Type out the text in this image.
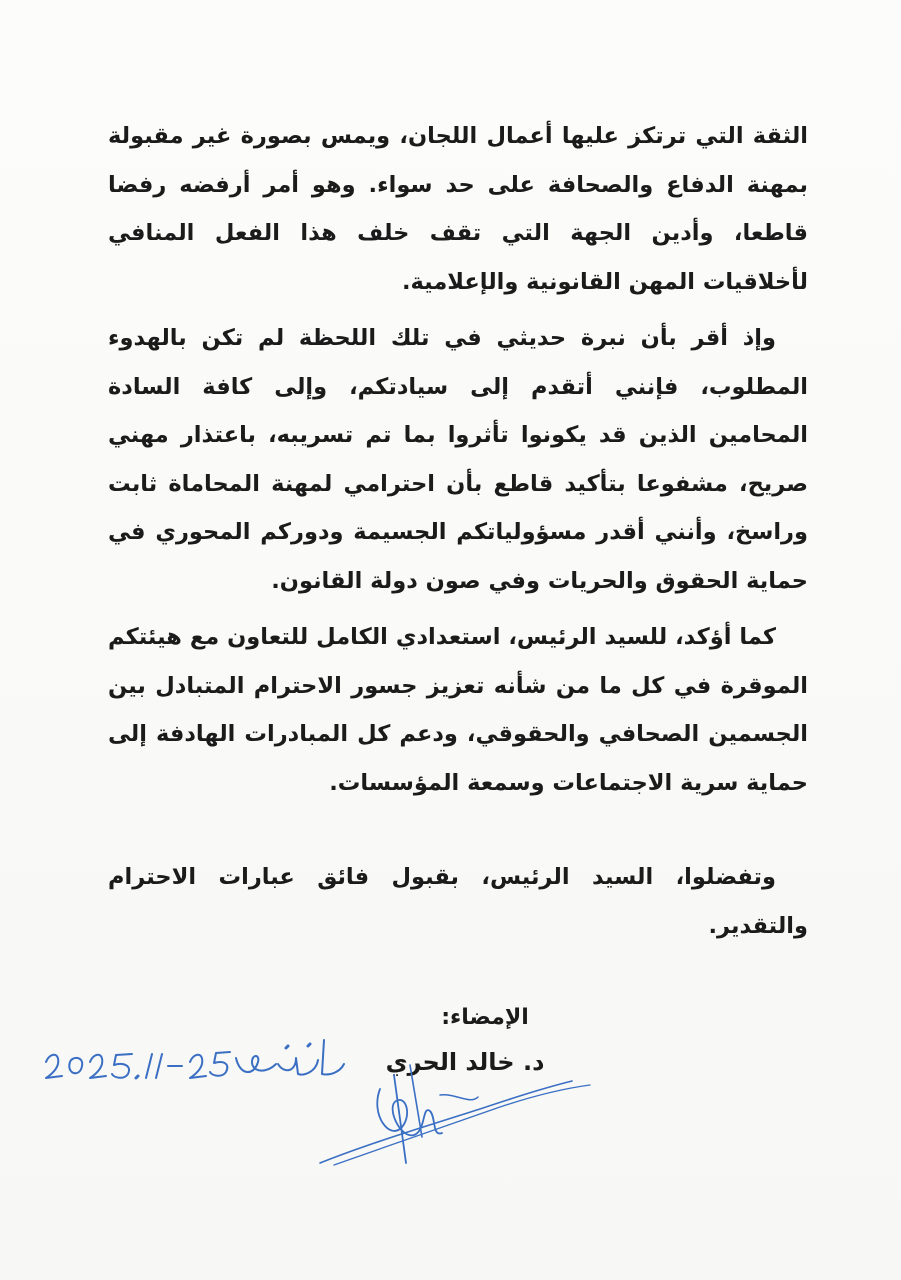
الثقة التي ترتكز عليها أعمال اللجان، ويمس بصورة غير مقبولة بمهنة الدفاع والصحافة على حد سواء. وهو أمر أرفضه رفضا قاطعا، وأدين الجهة التي تقف خلف هذا الفعل المنافي لأخلاقيات المهن القانونية والإعلامية.

وإذ أقر بأن نبرة حديثي في تلك اللحظة لم تكن بالهدوء المطلوب، فإنني أتقدم إلى سيادتكم، وإلى كافة السادة المحامين الذين قد يكونوا تأثروا بما تم تسريبه، باعتذار مهني صريح، مشفوعا بتأكيد قاطع بأن احترامي لمهنة المحاماة ثابت وراسخ، وأنني أقدر مسؤولياتكم الجسيمة ودوركم المحوري في حماية الحقوق والحريات وفي صون دولة القانون.

كما أؤكد، للسيد الرئيس، استعدادي الكامل للتعاون مع هيئتكم الموقرة في كل ما من شأنه تعزيز جسور الاحترام المتبادل بين الجسمين الصحافي والحقوقي، ودعم كل المبادرات الهادفة إلى حماية سرية الاجتماعات وسمعة المؤسسات.

وتفضلوا، السيد الرئيس، بقبول فائق عبارات الاحترام والتقدير.

الإمضاء:
د. خالد الحري
